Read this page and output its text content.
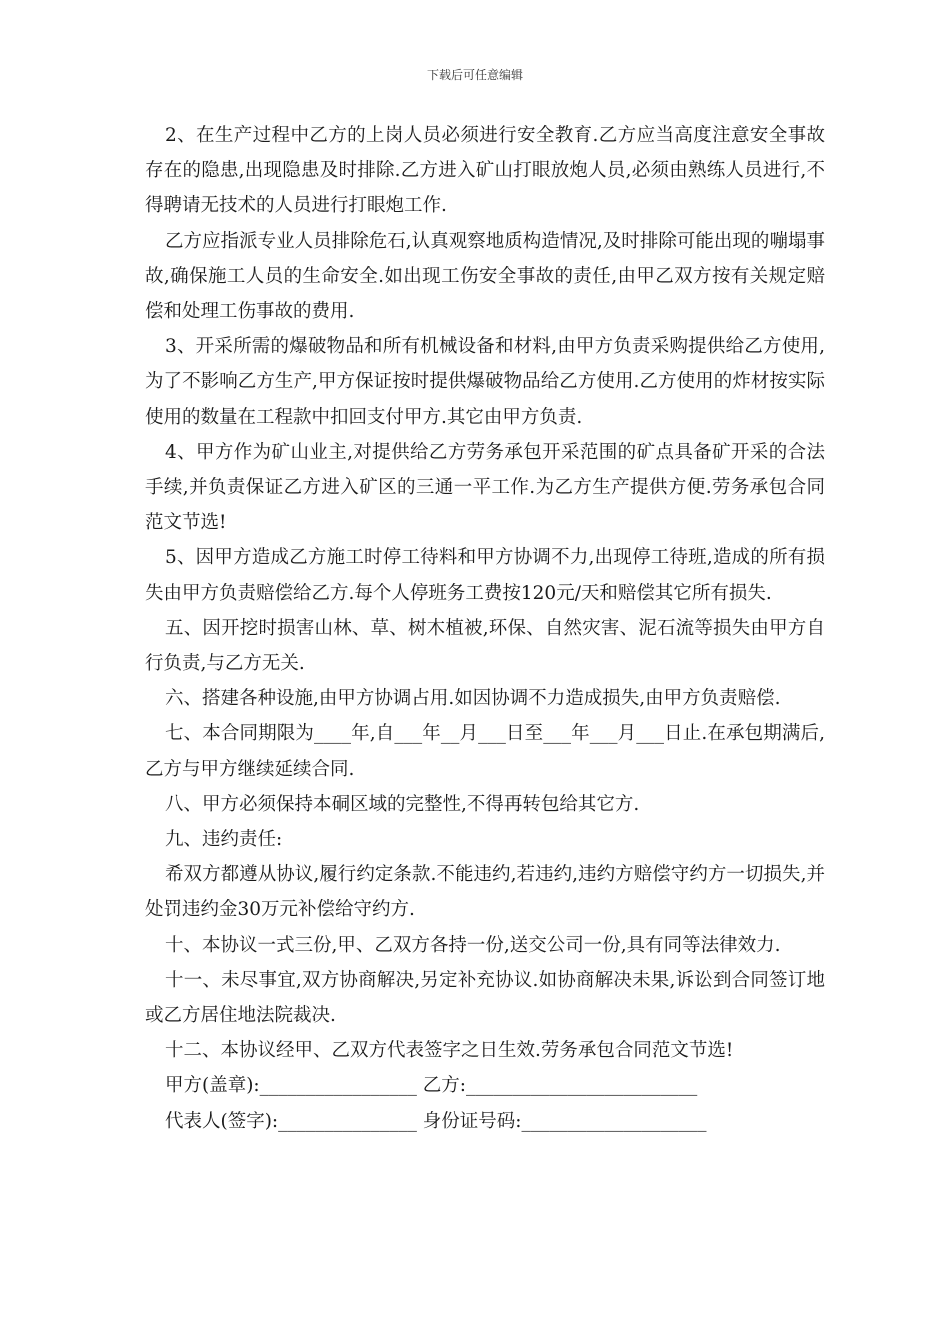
下载后可任意编辑

2、在生产过程中乙方的上岗人员必须进行安全教育.乙方应当高度注意安全事故存在的隐患,出现隐患及时排除.乙方进入矿山打眼放炮人员,必须由熟练人员进行,不得聘请无技术的人员进行打眼炮工作.

乙方应指派专业人员排除危石,认真观察地质构造情况,及时排除可能出现的嘣塌事故,确保施工人员的生命安全.如出现工伤安全事故的责任,由甲乙双方按有关规定赔偿和处理工伤事故的费用.

3、开采所需的爆破物品和所有机械设备和材料,由甲方负责采购提供给乙方使用,为了不影响乙方生产,甲方保证按时提供爆破物品给乙方使用.乙方使用的炸材按实际使用的数量在工程款中扣回支付甲方.其它由甲方负责.

4、甲方作为矿山业主,对提供给乙方劳务承包开采范围的矿点具备矿开采的合法手续,并负责保证乙方进入矿区的三通一平工作.为乙方生产提供方便.劳务承包合同范文节选!

5、因甲方造成乙方施工时停工待料和甲方协调不力,出现停工待班,造成的所有损失由甲方负责赔偿给乙方.每个人停班务工费按120元/天和赔偿其它所有损失.

五、因开挖时损害山林、草、树木植被,环保、自然灾害、泥石流等损失由甲方自行负责,与乙方无关.

六、搭建各种设施,由甲方协调占用.如因协调不力造成损失,由甲方负责赔偿.

七、本合同期限为____年,自___年__月___日至___年___月___日止.在承包期满后,乙方与甲方继续延续合同.

八、甲方必须保持本硐区域的完整性,不得再转包给其它方.

九、违约责任:

希双方都遵从协议,履行约定条款.不能违约,若违约,违约方赔偿守约方一切损失,并处罚违约金30万元补偿给守约方.

十、本协议一式三份,甲、乙双方各持一份,送交公司一份,具有同等法律效力.

十一、未尽事宜,双方协商解决,另定补充协议.如协商解决未果,诉讼到合同签订地或乙方居住地法院裁决.

十二、本协议经甲、乙双方代表签字之日生效.劳务承包合同范文节选!

甲方(盖章):_________________ 乙方:_________________________
代表人(签字):_______________ 身份证号码:____________________
